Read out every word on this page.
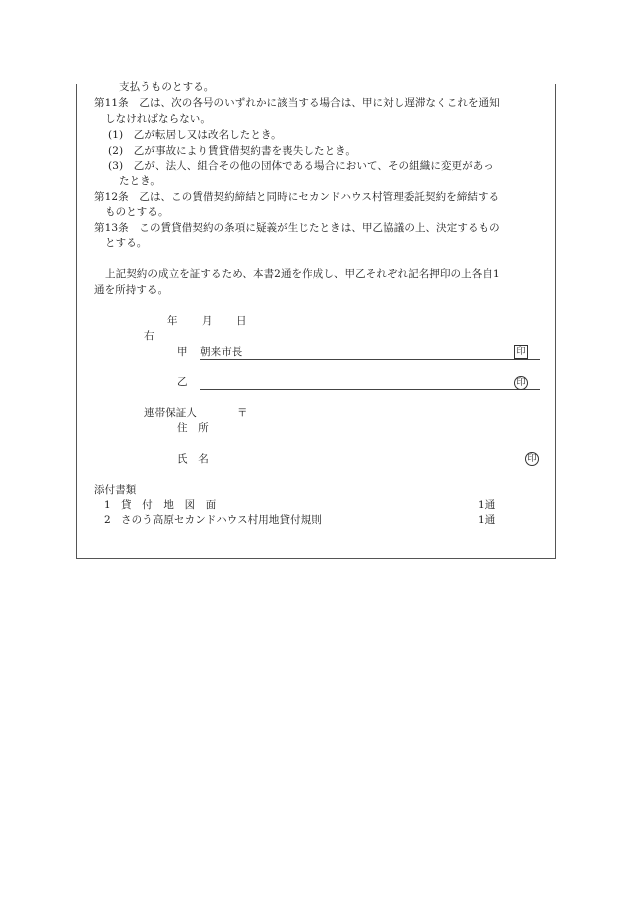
支払うものとする。
第11条　乙は、次の各号のいずれかに該当する場合は、甲に対し遅滞なくこれを通知
しなければならない。
(1)　乙が転居し又は改名したとき。
(2)　乙が事故により賃貸借契約書を喪失したとき。
(3)　乙が、法人、組合その他の団体である場合において、その組織に変更があっ
たとき。
第12条　乙は、この賃借契約締結と同時にセカンドハウス村管理委託契約を締結する
ものとする。
第13条　この賃貸借契約の条項に疑義が生じたときは、甲乙協議の上、決定するもの
とする。
上記契約の成立を証するため、本書2通を作成し、甲乙それぞれ記名押印の上各自1
通を所持する。
年 月 日
右
甲 朝来市長	印
乙	印
連帯保証人	〒
住　所
氏　名	印
添付書類
1 貸　付　地　図　面	1通
2 さのう高原セカンドハウス村用地貸付規則	1通
